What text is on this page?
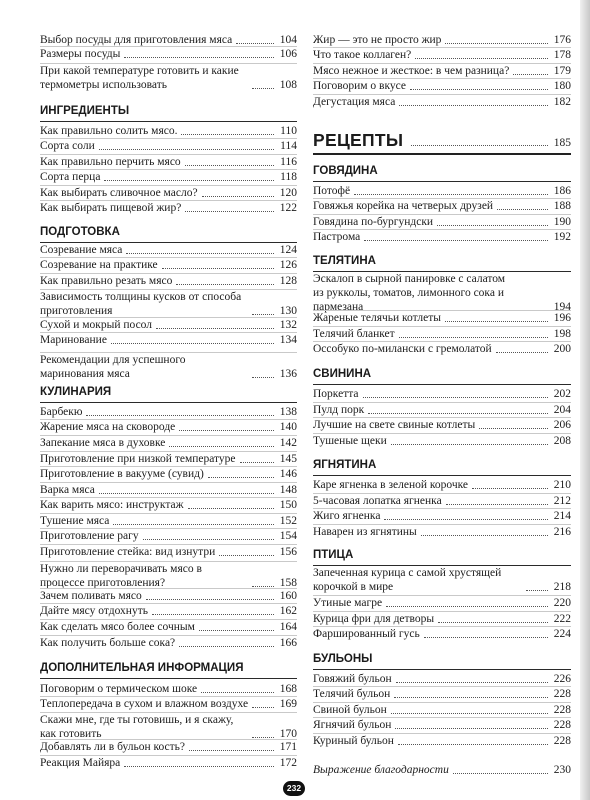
Выбор посуды для приготовления мяса	104
Размеры посуды	106
При какой температуре готовить и какие термометры использовать	108
ИНГРЕДИЕНТЫ
Как правильно солить мясо.	110
Сорта соли	114
Как правильно перчить мясо	116
Сорта перца	118
Как выбирать сливочное масло?	120
Как выбирать пищевой жир?	122
ПОДГОТОВКА
Созревание мяса	124
Созревание на практике	126
Как правильно резать мясо	128
Зависимость толщины кусков от способа приготовления	130
Сухой и мокрый посол	132
Маринование	134
Рекомендации для успешного маринования мяса	136
КУЛИНАРИЯ
Барбекю	138
Жарение мяса на сковороде	140
Запекание мяса в духовке	142
Приготовление при низкой температуре	145
Приготовление в вакууме (сувид)	146
Варка мяса	148
Как варить мясо: инструктаж	150
Тушение мяса	152
Приготовление рагу	154
Приготовление стейка: вид изнутри	156
Нужно ли переворачивать мясо в процессе приготовления?	158
Зачем поливать мясо	160
Дайте мясу отдохнуть	162
Как сделать мясо более сочным	164
Как получить больше сока?	166
ДОПОЛНИТЕЛЬНАЯ ИНФОРМАЦИЯ
Поговорим о термическом шоке	168
Теплопередача в сухом и влажном воздухе	169
Скажи мне, где ты готовишь, и я скажу, как готовить	170
Добавлять ли в бульон кость?	171
Реакция Майяра	172
Жир — это не просто жир	176
Что такое коллаген?	178
Мясо нежное и жесткое: в чем разница?	179
Поговорим о вкусе	180
Дегустация мяса	182
РЕЦЕПТЫ	185
ГОВЯДИНА
Потофё	186
Говяжья корейка на четверых друзей	188
Говядина по-бургундски	190
Пастрома	192
ТЕЛЯТИНА
Эскалоп в сырной панировке с салатом из рукколы, томатов, лимонного сока и пармезана	194
Жареные телячьи котлеты	196
Телячий бланкет	198
Оссобуко по-милански с гремолатой	200
СВИНИНА
Поркетта	202
Пулд порк	204
Лучшие на свете свиные котлеты	206
Тушеные щеки	208
ЯГНЯТИНА
Каре ягненка в зеленой корочке	210
5-часовая лопатка ягненка	212
Жиго ягненка	214
Наварен из ягнятины	216
ПТИЦА
Запеченная курица с самой хрустящей корочкой в мире	218
Утиные магре	220
Курица фри для детворы	222
Фаршированный гусь	224
БУЛЬОНЫ
Говяжий бульон	226
Телячий бульон	228
Свиной бульон	228
Ягнячий бульон	228
Куриный бульон	228
Выражение благодарности	230
232
